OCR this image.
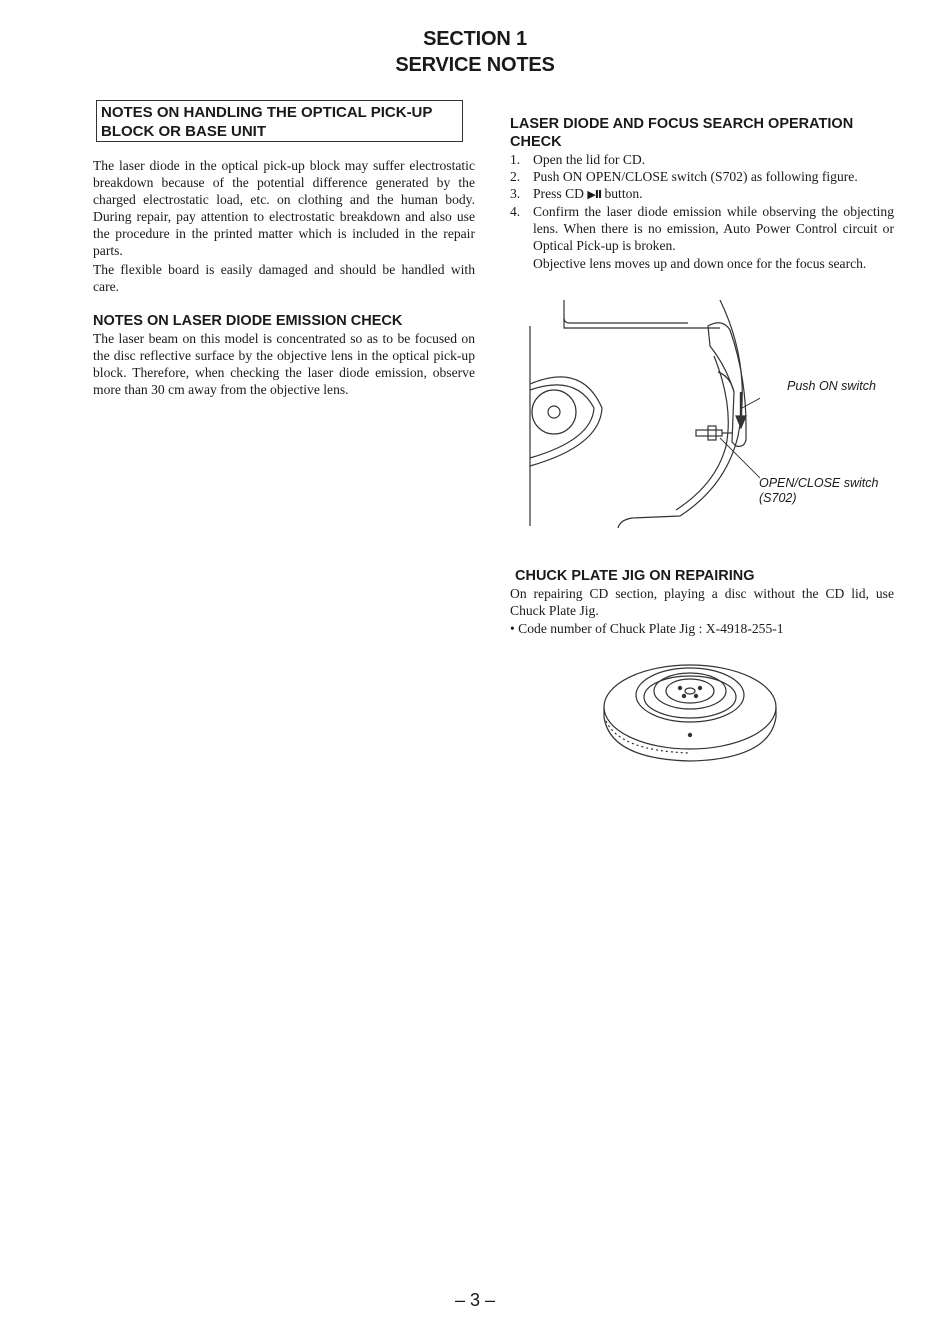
SECTION 1
SERVICE NOTES
NOTES ON HANDLING THE OPTICAL PICK-UP
BLOCK OR BASE UNIT

The laser diode in the optical pick-up block may suffer electrostatic breakdown because of the potential difference generated by the charged electrostatic load, etc. on clothing and the human body. During repair, pay attention to electrostatic breakdown and also use the procedure in the printed matter which is included in the repair parts.

The flexible board is easily damaged and should be handled with care.

NOTES ON LASER DIODE EMISSION CHECK

The laser beam on this model is concentrated so as to be focused on the disc reflective surface by the objective lens in the optical pick-up block. Therefore, when checking the laser diode emission, observe more than 30 cm away from the objective lens.

LASER DIODE AND FOCUS SEARCH OPERATION
CHECK
1. Open the lid for CD.
2. Push ON OPEN/CLOSE switch (S702) as following figure.
3. Press CD ▶II button.
4. Confirm the laser diode emission while observing the objecting lens. When there is no emission, Auto Power Control circuit or Optical Pick-up is broken.
Objective lens moves up and down once for the focus search.
Push ON switch
OPEN/CLOSE switch
(S702)
CHUCK PLATE JIG ON REPAIRING

On repairing CD section, playing a disc without the CD lid, use Chuck Plate Jig.

• Code number of Chuck Plate Jig : X-4918-255-1

– 3 –
